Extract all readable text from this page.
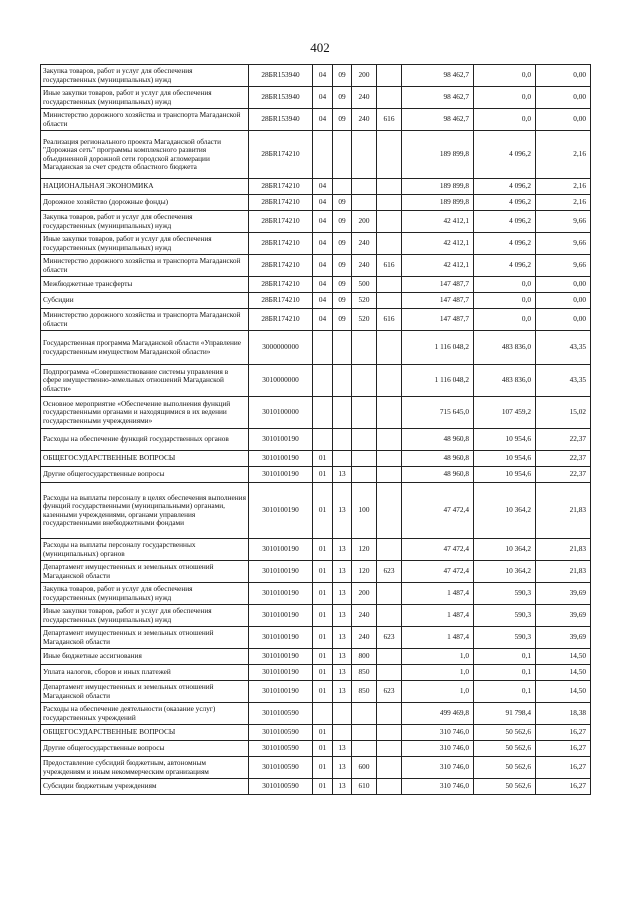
402
Закупка товаров, работ и услуг для обеспечения государственных (муниципальных) нужд	28БR153940	04	09	200		98 462,7	0,0	0,00
Иные закупки товаров, работ и услуг для обеспечения государственных (муниципальных) нужд	28БR153940	04	09	240		98 462,7	0,0	0,00
Министерство дорожного хозяйства и транспорта Магаданской области	28БR153940	04	09	240	616	98 462,7	0,0	0,00
Реализация регионального проекта Магаданской области "Дорожная сеть" программы комплексного развития объединенной дорожной сети городской агломерации Магаданская за счет средств областного бюджета	28БR174210					189 899,8	4 096,2	2,16
НАЦИОНАЛЬНАЯ ЭКОНОМИКА	28БR174210	04				189 899,8	4 096,2	2,16
Дорожное хозяйство (дорожные фонды)	28БR174210	04	09			189 899,8	4 096,2	2,16
Закупка товаров, работ и услуг для обеспечения государственных (муниципальных) нужд	28БR174210	04	09	200		42 412,1	4 096,2	9,66
Иные закупки товаров, работ и услуг для обеспечения государственных (муниципальных) нужд	28БR174210	04	09	240		42 412,1	4 096,2	9,66
Министерство дорожного хозяйства и транспорта Магаданской области	28БR174210	04	09	240	616	42 412,1	4 096,2	9,66
Межбюджетные трансферты	28БR174210	04	09	500		147 487,7	0,0	0,00
Субсидии	28БR174210	04	09	520		147 487,7	0,0	0,00
Министерство дорожного хозяйства и транспорта Магаданской области	28БR174210	04	09	520	616	147 487,7	0,0	0,00
Государственная программа Магаданской области «Управление государственным имуществом Магаданской области»	3000000000					1 116 048,2	483 836,0	43,35
Подпрограмма «Совершенствование системы управления в сфере имущественно-земельных отношений Магаданской области»	3010000000					1 116 048,2	483 836,0	43,35
Основное мероприятие «Обеспечение выполнения функций государственными органами и находящимися в их ведении государственными учреждениями»	3010100000					715 645,0	107 459,2	15,02
Расходы на обеспечение функций государственных органов	3010100190					48 960,8	10 954,6	22,37
ОБЩЕГОСУДАРСТВЕННЫЕ ВОПРОСЫ	3010100190	01				48 960,8	10 954,6	22,37
Другие общегосударственные вопросы	3010100190	01	13			48 960,8	10 954,6	22,37
Расходы на выплаты персоналу в целях обеспечения выполнения функций государственными (муниципальными) органами, казенными учреждениями, органами управления государственными внебюджетными фондами	3010100190	01	13	100		47 472,4	10 364,2	21,83
Расходы на выплаты персоналу государственных (муниципальных) органов	3010100190	01	13	120		47 472,4	10 364,2	21,83
Департамент имущественных и земельных отношений Магаданской области	3010100190	01	13	120	623	47 472,4	10 364,2	21,83
Закупка товаров, работ и услуг для обеспечения государственных (муниципальных) нужд	3010100190	01	13	200		1 487,4	590,3	39,69
Иные закупки товаров, работ и услуг для обеспечения государственных (муниципальных) нужд	3010100190	01	13	240		1 487,4	590,3	39,69
Департамент имущественных и земельных отношений Магаданской области	3010100190	01	13	240	623	1 487,4	590,3	39,69
Иные бюджетные ассигнования	3010100190	01	13	800		1,0	0,1	14,50
Уплата налогов, сборов и иных платежей	3010100190	01	13	850		1,0	0,1	14,50
Департамент имущественных и земельных отношений Магаданской области	3010100190	01	13	850	623	1,0	0,1	14,50
Расходы на обеспечение деятельности (оказание услуг) государственных учреждений	3010100590					499 469,8	91 798,4	18,38
ОБЩЕГОСУДАРСТВЕННЫЕ ВОПРОСЫ	3010100590	01				310 746,0	50 562,6	16,27
Другие общегосударственные вопросы	3010100590	01	13			310 746,0	50 562,6	16,27
Предоставление субсидий бюджетным, автономным учреждениям и иным некоммерческим организациям	3010100590	01	13	600		310 746,0	50 562,6	16,27
Субсидии бюджетным учреждениям	3010100590	01	13	610		310 746,0	50 562,6	16,27
